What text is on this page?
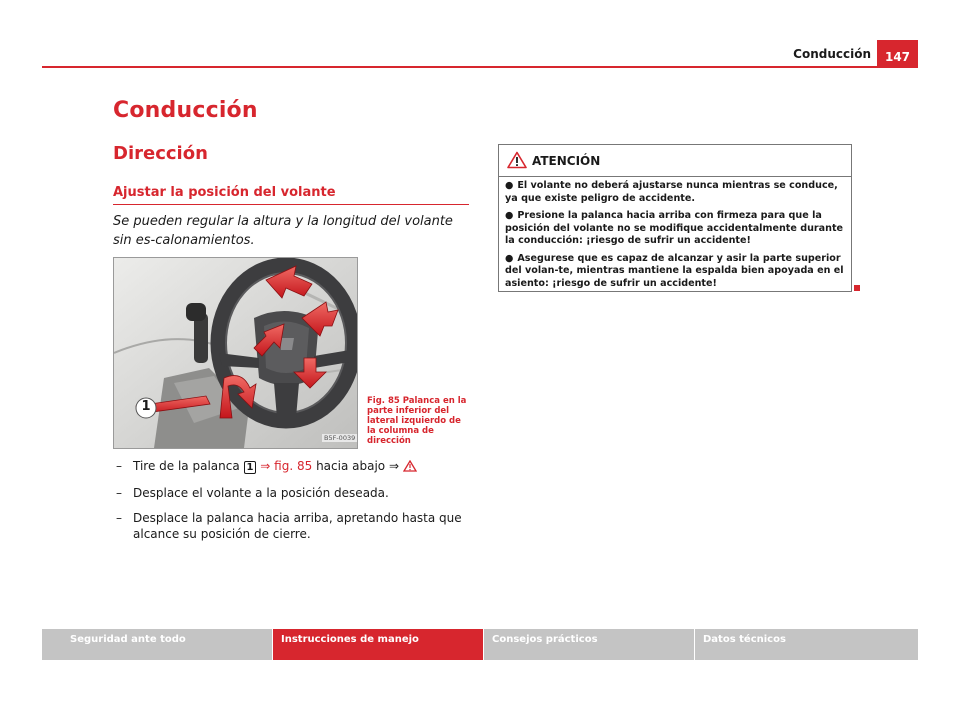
Conducción	147
Conducción
Dirección
Ajustar la posición del volante
Se pueden regular la altura y la longitud del volante sin es-calonamientos.
1
B5F-0039
Fig. 85 Palanca en la parte inferior del lateral izquierdo de la columna de dirección
– Tire de la palanca 1 ⇒ fig. 85 hacia abajo ⇒
– Desplace el volante a la posición deseada.
– Desplace la palanca hacia arriba, apretando hasta que alcance su posición de cierre.
ATENCIÓN

● El volante no deberá ajustarse nunca mientras se conduce, ya que existe peligro de accidente.

● Presione la palanca hacia arriba con firmeza para que la posición del volante no se modifique accidentalmente durante la conducción: ¡riesgo de sufrir un accidente!

● Asegurese que es capaz de alcanzar y asir la parte superior del volan-te, mientras mantiene la espalda bien apoyada en el asiento: ¡riesgo de sufrir un accidente!

Seguridad ante todo	Instrucciones de manejo	Consejos prácticos	Datos técnicos
